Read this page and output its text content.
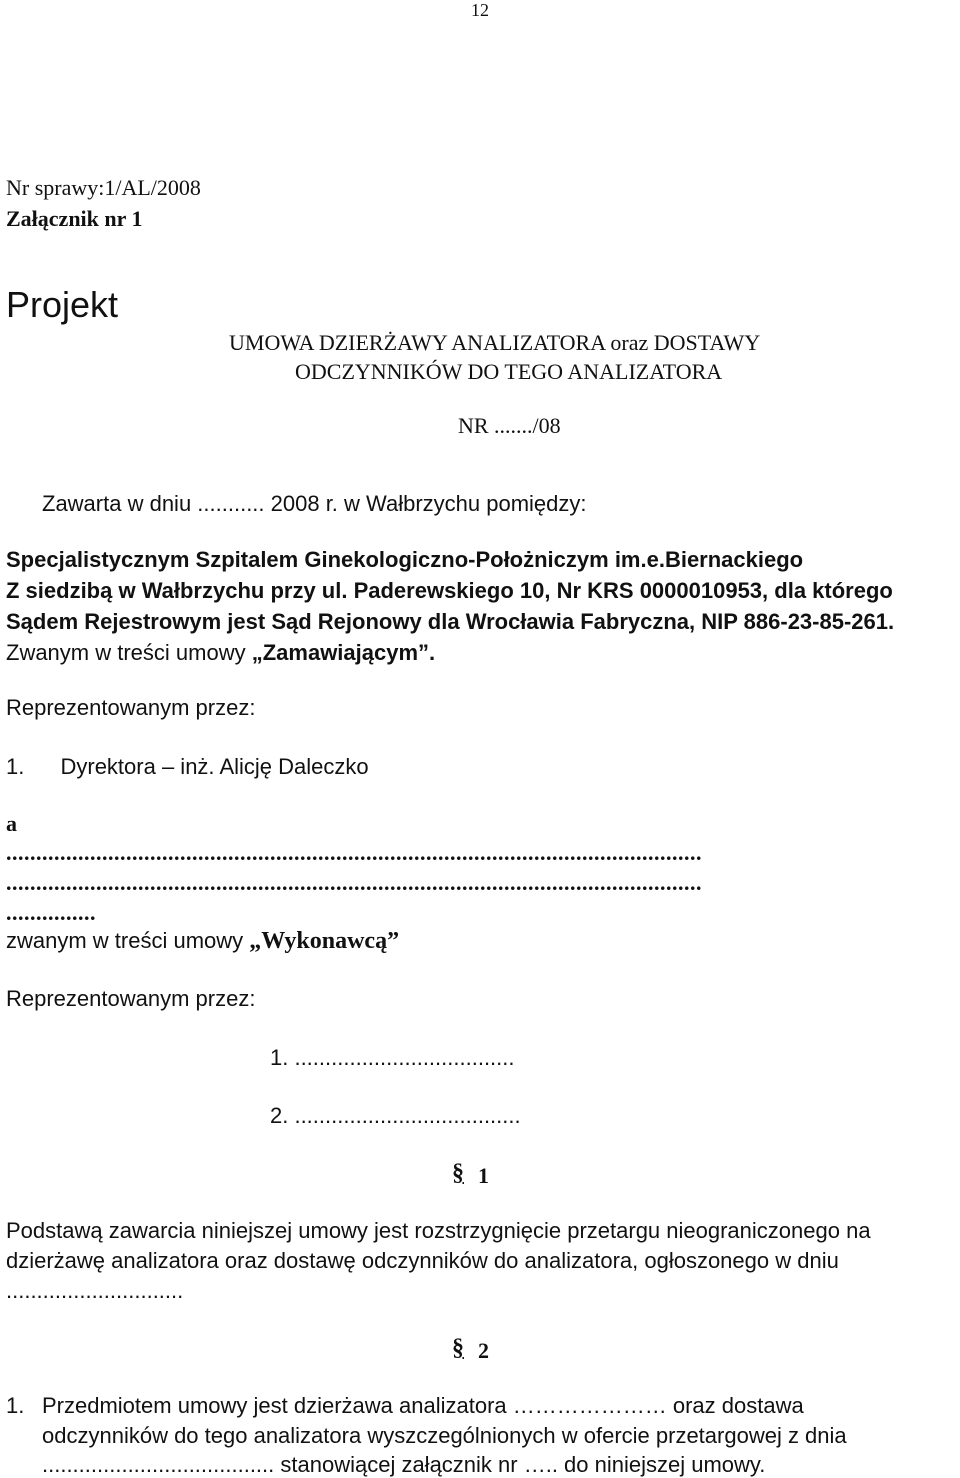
12
Nr sprawy:1/AL/2008
Załącznik nr 1
Projekt
UMOWA DZIERŻAWY ANALIZATORA oraz DOSTAWY
ODCZYNNIKÓW DO TEGO ANALIZATORA
NR ......./08
Zawarta w dniu ........... 2008 r. w Wałbrzychu pomiędzy:
Specjalistycznym Szpitalem Ginekologiczno-Położniczym im.e.Biernackiego
Z siedzibą w Wałbrzychu przy ul. Paderewskiego 10, Nr KRS 0000010953, dla którego
Sądem Rejestrowym jest Sąd Rejonowy dla Wrocławia Fabryczna, NIP 886-23-85-261.
Zwanym w treści umowy „Zamawiającym”.
Reprezentowanym przez:
1. Dyrektora – inż. Alicję Daleczko
a
....................................................................................................................
....................................................................................................................
...............
zwanym w treści umowy „Wykonawcą”
Reprezentowanym przez:
1. ....................................
2. .....................................
§ 1
Podstawą zawarcia niniejszej umowy jest rozstrzygnięcie przetargu nieograniczonego na
dzierżawę analizatora oraz dostawę odczynników do analizatora, ogłoszonego w dniu
.............................
§ 2
1. Przedmiotem umowy jest dzierżawa analizatora ………………… oraz dostawa
odczynników do tego analizatora wyszczególnionych w ofercie przetargowej z dnia
...................................... stanowiącej załącznik nr ….. do niniejszej umowy.
